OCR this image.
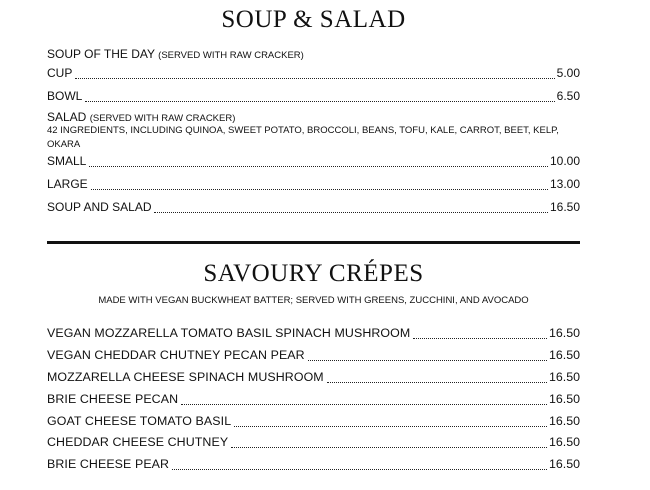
SOUP & SALAD
SOUP OF THE DAY (SERVED WITH RAW CRACKER)
CUP	5.00
BOWL	6.50
SALAD (SERVED WITH RAW CRACKER)
42 INGREDIENTS, INCLUDING QUINOA, SWEET POTATO, BROCCOLI, BEANS, TOFU, KALE, CARROT, BEET, KELP, OKARA
SMALL	10.00
LARGE	13.00
SOUP AND SALAD	16.50
SAVOURY CRÉPES
MADE WITH VEGAN BUCKWHEAT BATTER; SERVED WITH GREENS, ZUCCHINI, AND AVOCADO
VEGAN MOZZARELLA TOMATO BASIL SPINACH MUSHROOM	16.50
VEGAN CHEDDAR CHUTNEY PECAN PEAR	16.50
MOZZARELLA CHEESE SPINACH MUSHROOM	16.50
BRIE CHEESE PECAN	16.50
GOAT CHEESE TOMATO BASIL	16.50
CHEDDAR CHEESE CHUTNEY	16.50
BRIE CHEESE PEAR	16.50
